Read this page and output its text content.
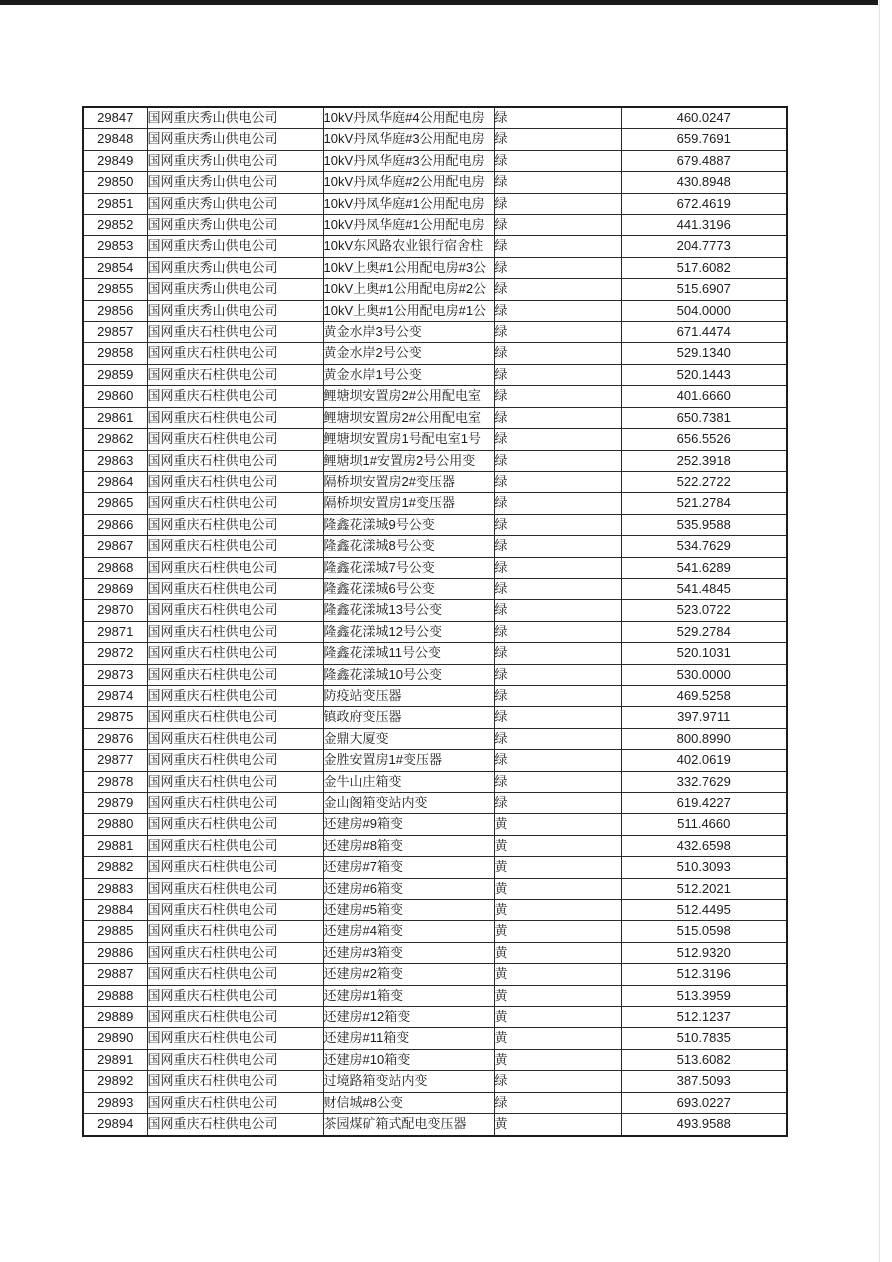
29847	国网重庆秀山供电公司	10kV丹凤华庭#4公用配电房	绿	460.0247
29848	国网重庆秀山供电公司	10kV丹凤华庭#3公用配电房	绿	659.7691
29849	国网重庆秀山供电公司	10kV丹凤华庭#3公用配电房	绿	679.4887
29850	国网重庆秀山供电公司	10kV丹凤华庭#2公用配电房	绿	430.8948
29851	国网重庆秀山供电公司	10kV丹凤华庭#1公用配电房	绿	672.4619
29852	国网重庆秀山供电公司	10kV丹凤华庭#1公用配电房	绿	441.3196
29853	国网重庆秀山供电公司	10kV东风路农业银行宿舍柱	绿	204.7773
29854	国网重庆秀山供电公司	10kV上奥#1公用配电房#3公	绿	517.6082
29855	国网重庆秀山供电公司	10kV上奥#1公用配电房#2公	绿	515.6907
29856	国网重庆秀山供电公司	10kV上奥#1公用配电房#1公	绿	504.0000
29857	国网重庆石柱供电公司	黄金水岸3号公变	绿	671.4474
29858	国网重庆石柱供电公司	黄金水岸2号公变	绿	529.1340
29859	国网重庆石柱供电公司	黄金水岸1号公变	绿	520.1443
29860	国网重庆石柱供电公司	鲤塘坝安置房2#公用配电室	绿	401.6660
29861	国网重庆石柱供电公司	鲤塘坝安置房2#公用配电室	绿	650.7381
29862	国网重庆石柱供电公司	鲤塘坝安置房1号配电室1号	绿	656.5526
29863	国网重庆石柱供电公司	鲤塘坝1#安置房2号公用变	绿	252.3918
29864	国网重庆石柱供电公司	隔桥坝安置房2#变压器	绿	522.2722
29865	国网重庆石柱供电公司	隔桥坝安置房1#变压器	绿	521.2784
29866	国网重庆石柱供电公司	隆鑫花漾城9号公变	绿	535.9588
29867	国网重庆石柱供电公司	隆鑫花漾城8号公变	绿	534.7629
29868	国网重庆石柱供电公司	隆鑫花漾城7号公变	绿	541.6289
29869	国网重庆石柱供电公司	隆鑫花漾城6号公变	绿	541.4845
29870	国网重庆石柱供电公司	隆鑫花漾城13号公变	绿	523.0722
29871	国网重庆石柱供电公司	隆鑫花漾城12号公变	绿	529.2784
29872	国网重庆石柱供电公司	隆鑫花漾城11号公变	绿	520.1031
29873	国网重庆石柱供电公司	隆鑫花漾城10号公变	绿	530.0000
29874	国网重庆石柱供电公司	防疫站变压器	绿	469.5258
29875	国网重庆石柱供电公司	镇政府变压器	绿	397.9711
29876	国网重庆石柱供电公司	金鼎大厦变	绿	800.8990
29877	国网重庆石柱供电公司	金胜安置房1#变压器	绿	402.0619
29878	国网重庆石柱供电公司	金牛山庄箱变	绿	332.7629
29879	国网重庆石柱供电公司	金山阁箱变站内变	绿	619.4227
29880	国网重庆石柱供电公司	还建房#9箱变	黄	511.4660
29881	国网重庆石柱供电公司	还建房#8箱变	黄	432.6598
29882	国网重庆石柱供电公司	还建房#7箱变	黄	510.3093
29883	国网重庆石柱供电公司	还建房#6箱变	黄	512.2021
29884	国网重庆石柱供电公司	还建房#5箱变	黄	512.4495
29885	国网重庆石柱供电公司	还建房#4箱变	黄	515.0598
29886	国网重庆石柱供电公司	还建房#3箱变	黄	512.9320
29887	国网重庆石柱供电公司	还建房#2箱变	黄	512.3196
29888	国网重庆石柱供电公司	还建房#1箱变	黄	513.3959
29889	国网重庆石柱供电公司	还建房#12箱变	黄	512.1237
29890	国网重庆石柱供电公司	还建房#11箱变	黄	510.7835
29891	国网重庆石柱供电公司	还建房#10箱变	黄	513.6082
29892	国网重庆石柱供电公司	过境路箱变站内变	绿	387.5093
29893	国网重庆石柱供电公司	财信城#8公变	绿	693.0227
29894	国网重庆石柱供电公司	茶园煤矿箱式配电变压器	黄	493.9588
